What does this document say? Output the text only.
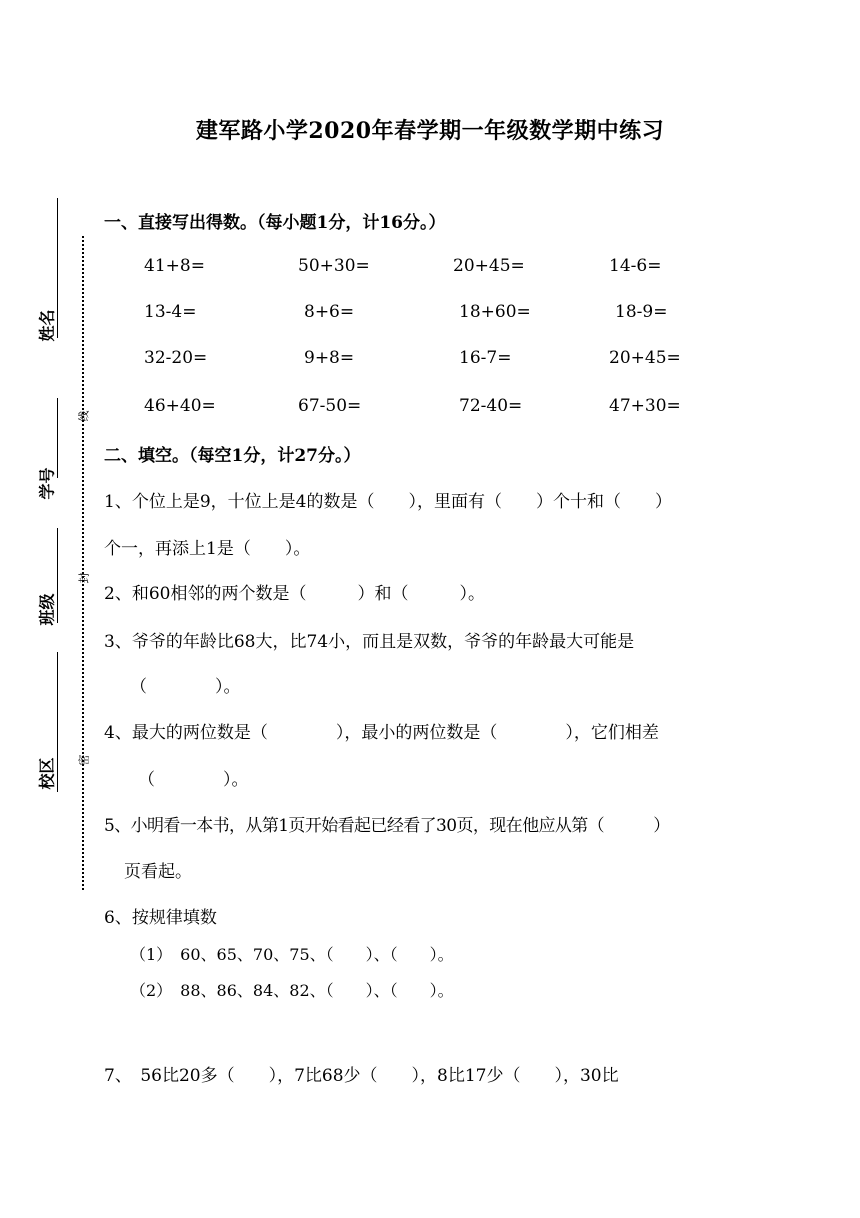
建军路小学2020年春学期一年级数学期中练习
姓名
学号
班级
校区
线
封
密
一、直接写出得数。（每小题1分，计16分。）
41+8=	50+30=	20+45=	14-6=
13-4=	8+6=	18+60=	18-9=
32-20=	9+8=	16-7=	20+45=
46+40=	67-50=	72-40=	47+30=
二、填空。（每空1分，计27分。）
1、个位上是9，十位上是4的数是（　　），里面有（　　）个十和（　　）
个一，再添上1是（　　）。
2、和60相邻的两个数是（　　　）和（　　　）。
3、爷爷的年龄比68大，比74小，而且是双数，爷爷的年龄最大可能是
（　　　　）。
4、最大的两位数是（　　　　），最小的两位数是（　　　　），它们相差
（　　　　）。
5、小明看一本书，从第1页开始看起已经看了30页，现在他应从第（　　　）
页看起。
6、按规律填数
（1）　60、65、70、75、（　　）、（　　）。
（2）　88、86、84、82、（　　）、（　　）。
7、　56比20多（　　），7比68少（　　），8比17少（　　），30比
